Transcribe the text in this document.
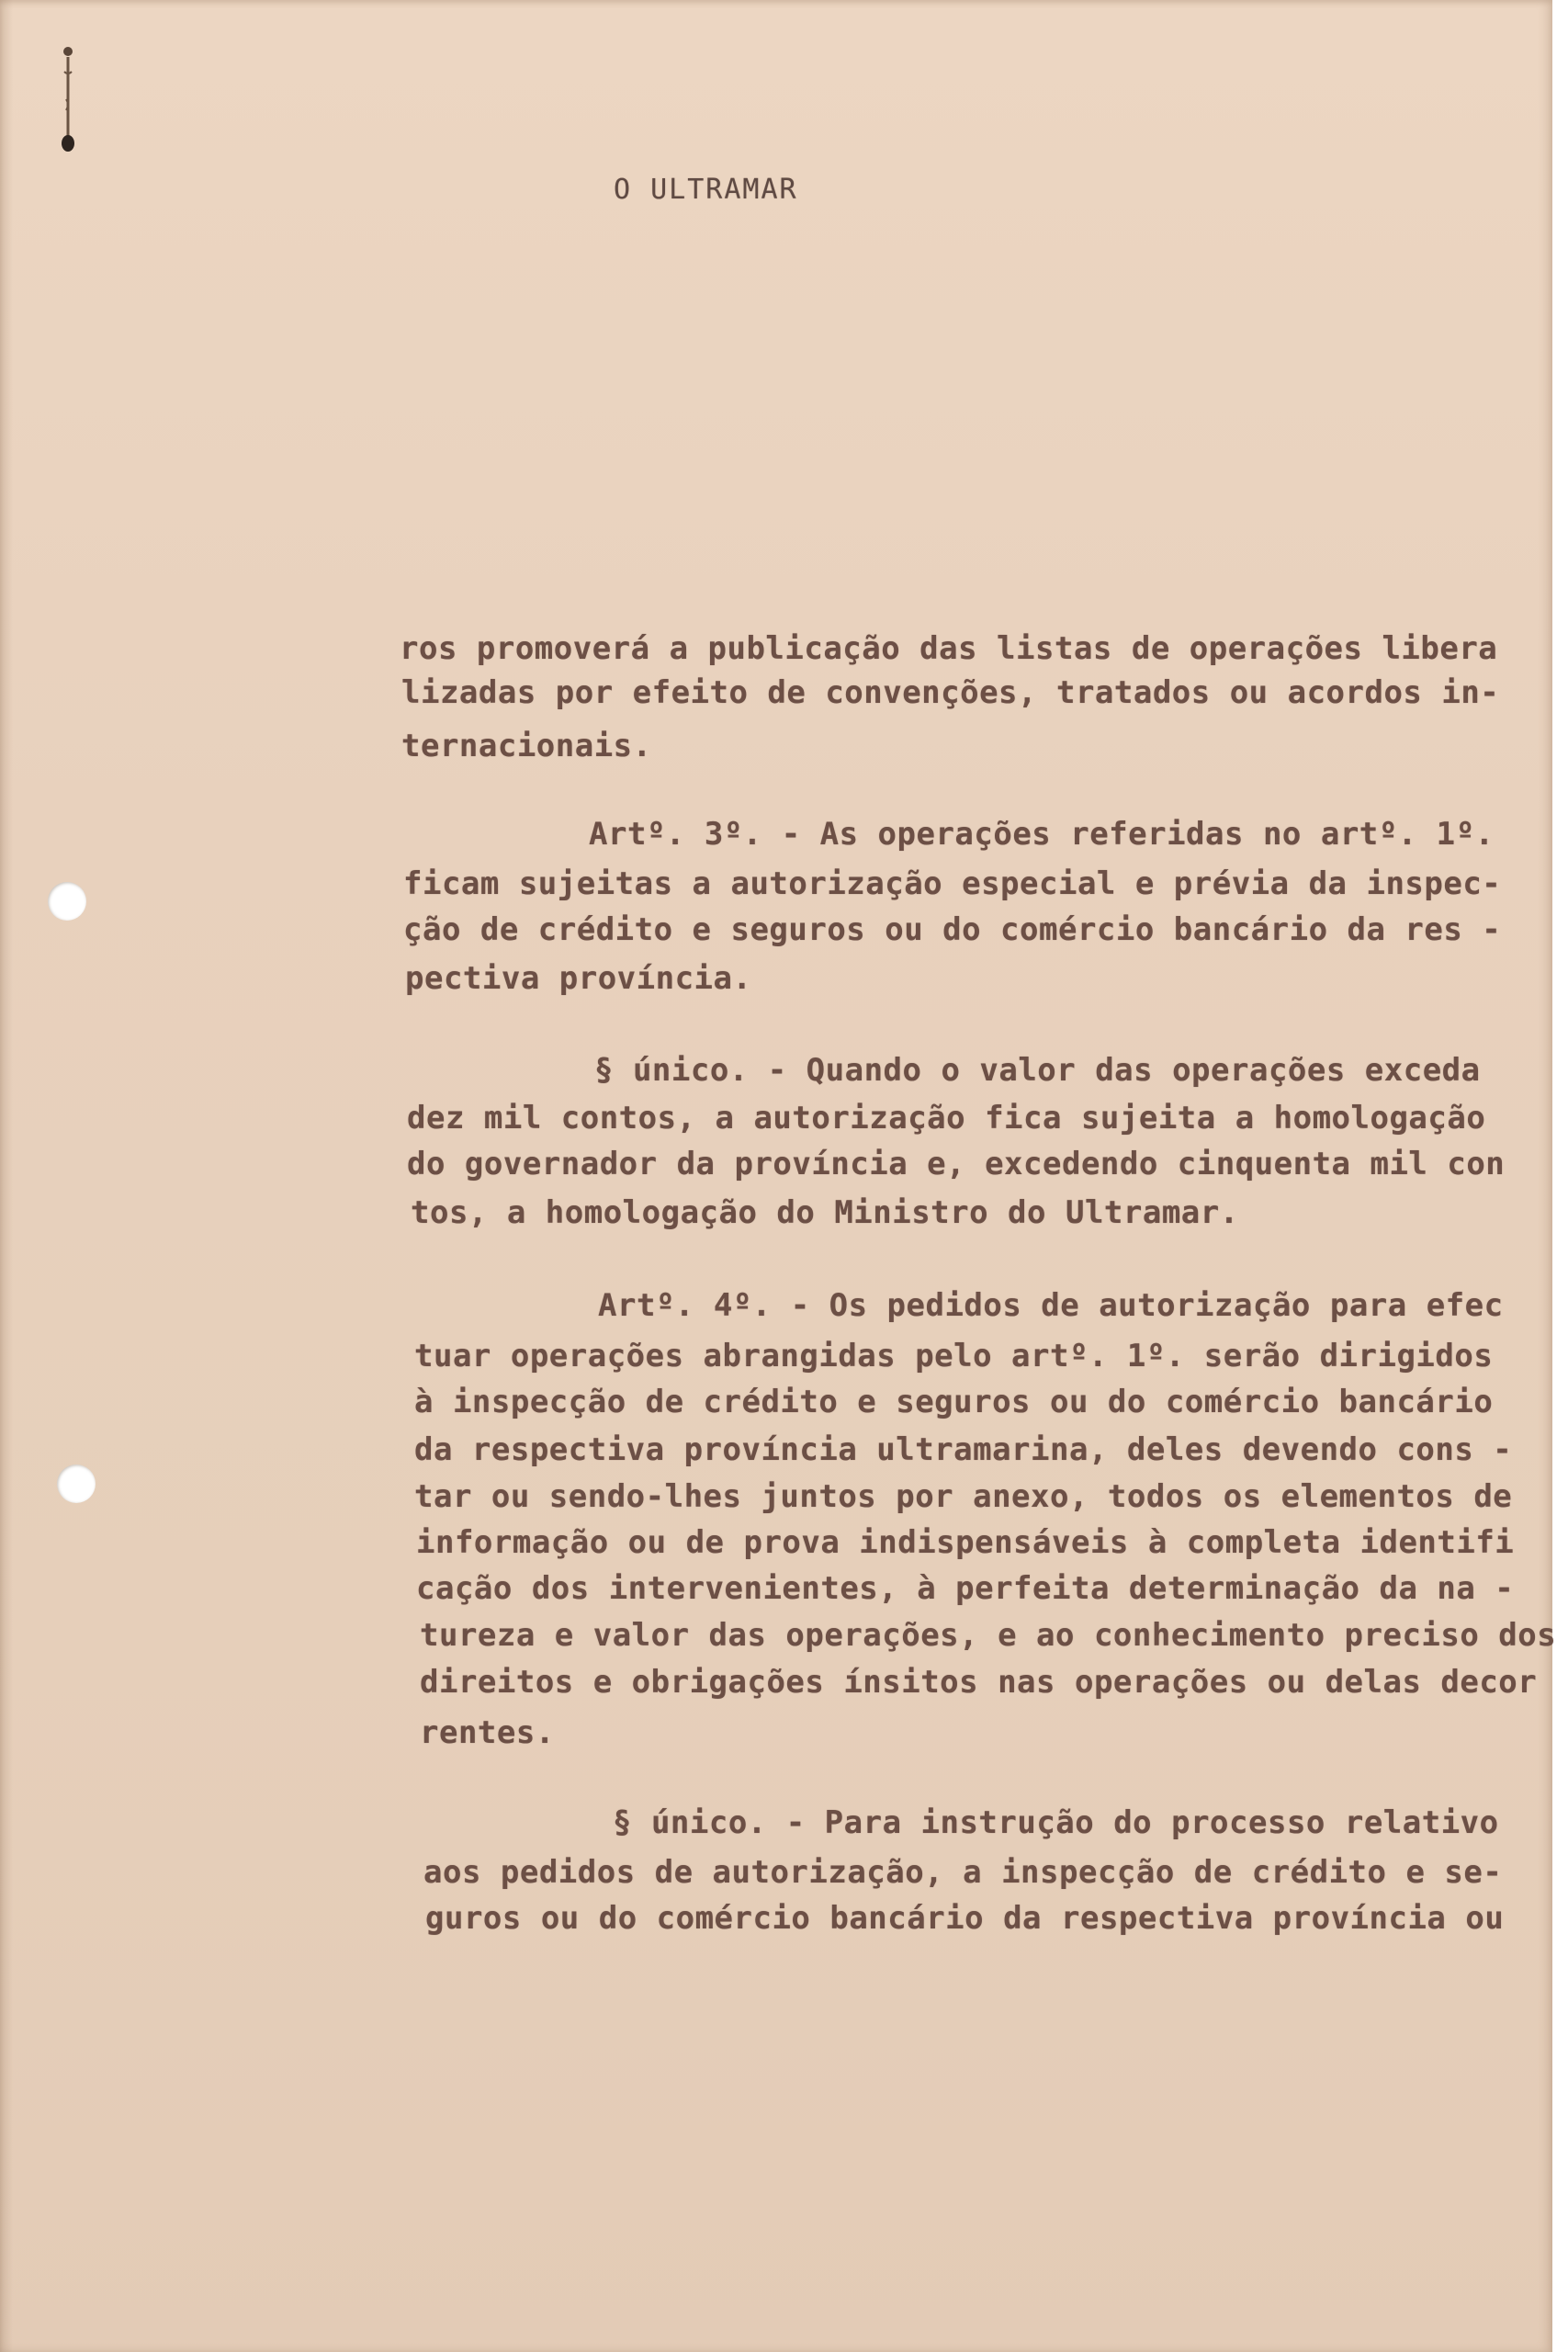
O ULTRAMAR
ros promoverá a publicação das listas de operações libera
lizadas por efeito de convenções, tratados ou acordos in-
ternacionais.
Artº. 3º. - As operações referidas no artº. 1º.
ficam sujeitas a autorização especial e prévia da inspec-
ção de crédito e seguros ou do comércio bancário da res -
pectiva província.
§ único. - Quando o valor das operações exceda
dez mil contos, a autorização fica sujeita a homologação
do governador da província e, excedendo cinquenta mil con
tos, a homologação do Ministro do Ultramar.
Artº. 4º. - Os pedidos de autorização para efec
tuar operações abrangidas pelo artº. 1º. serão dirigidos
à inspecção de crédito e seguros ou do comércio bancário
da respectiva província ultramarina, deles devendo cons -
tar ou sendo-lhes juntos por anexo, todos os elementos de
informação ou de prova indispensáveis à completa identifi
cação dos intervenientes, à perfeita determinação da na -
tureza e valor das operações, e ao conhecimento preciso dos
direitos e obrigações ínsitos nas operações ou delas decor
rentes.
§ único. - Para instrução do processo relativo
aos pedidos de autorização, a inspecção de crédito e se-
guros ou do comércio bancário da respectiva província ou
